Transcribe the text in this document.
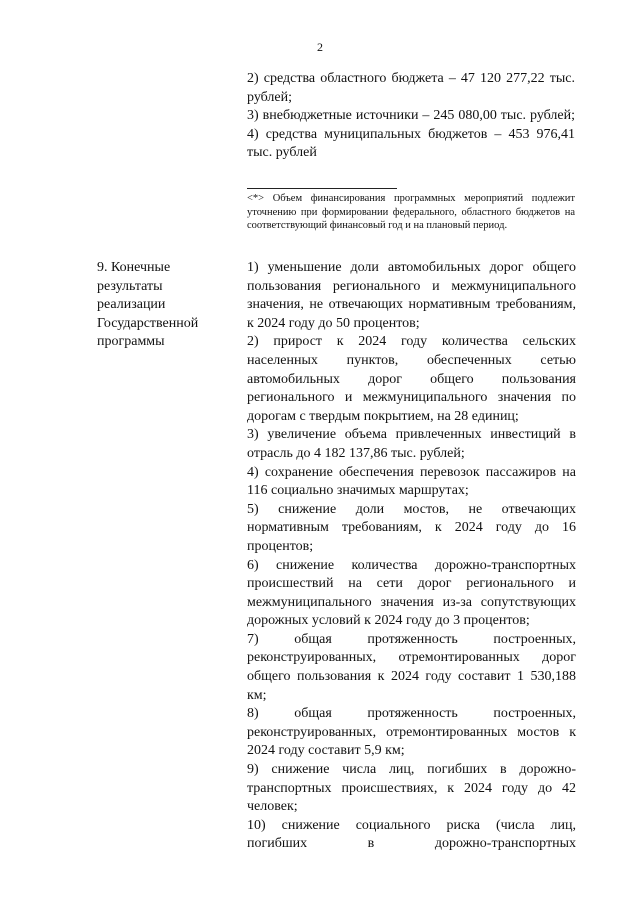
2

2) средства областного бюджета – 47 120 277,22 тыс. рублей;

3) внебюджетные источники – 245 080,00 тыс. рублей;

4) средства муниципальных бюджетов – 453 976,41 тыс. рублей

<*> Объем финансирования программных мероприятий подлежит уточнению при формировании федерального, областного бюджетов на соответствующий финансовый год и на плановый период.
9. Конечные
результаты
реализации
Государственной
программы

1) уменьшение доли автомобильных дорог общего пользования регионального и межмуниципального значения, не отвечающих нормативным требованиям, к 2024 году до 50 процентов;

2) прирост к 2024 году количества сельских населенных пунктов, обеспеченных сетью автомобильных дорог общего пользования регионального и межмуниципального значения по дорогам с твердым покрытием, на 28 единиц;

3) увеличение объема привлеченных инвестиций в отрасль до 4 182 137,86 тыс. рублей;

4) сохранение обеспечения перевозок пассажиров на 116 социально значимых маршрутах;

5) снижение доли мостов, не отвечающих нормативным требованиям, к 2024 году до 16 процентов;

6) снижение количества дорожно-транспортных происшествий на сети дорог регионального и межмуниципального значения из-за сопутствующих дорожных условий к 2024 году до 3 процентов;

7) общая протяженность построенных, реконструированных, отремонтированных дорог общего пользования к 2024 году составит 1 530,188 км;

8) общая протяженность построенных, реконструированных, отремонтированных мостов к 2024 году составит 5,9 км;

9) снижение числа лиц, погибших в дорожно-транспортных происшествиях, к 2024 году до 42 человек;

10) снижение социального риска (числа лиц, погибших в дорожно-транспортных
